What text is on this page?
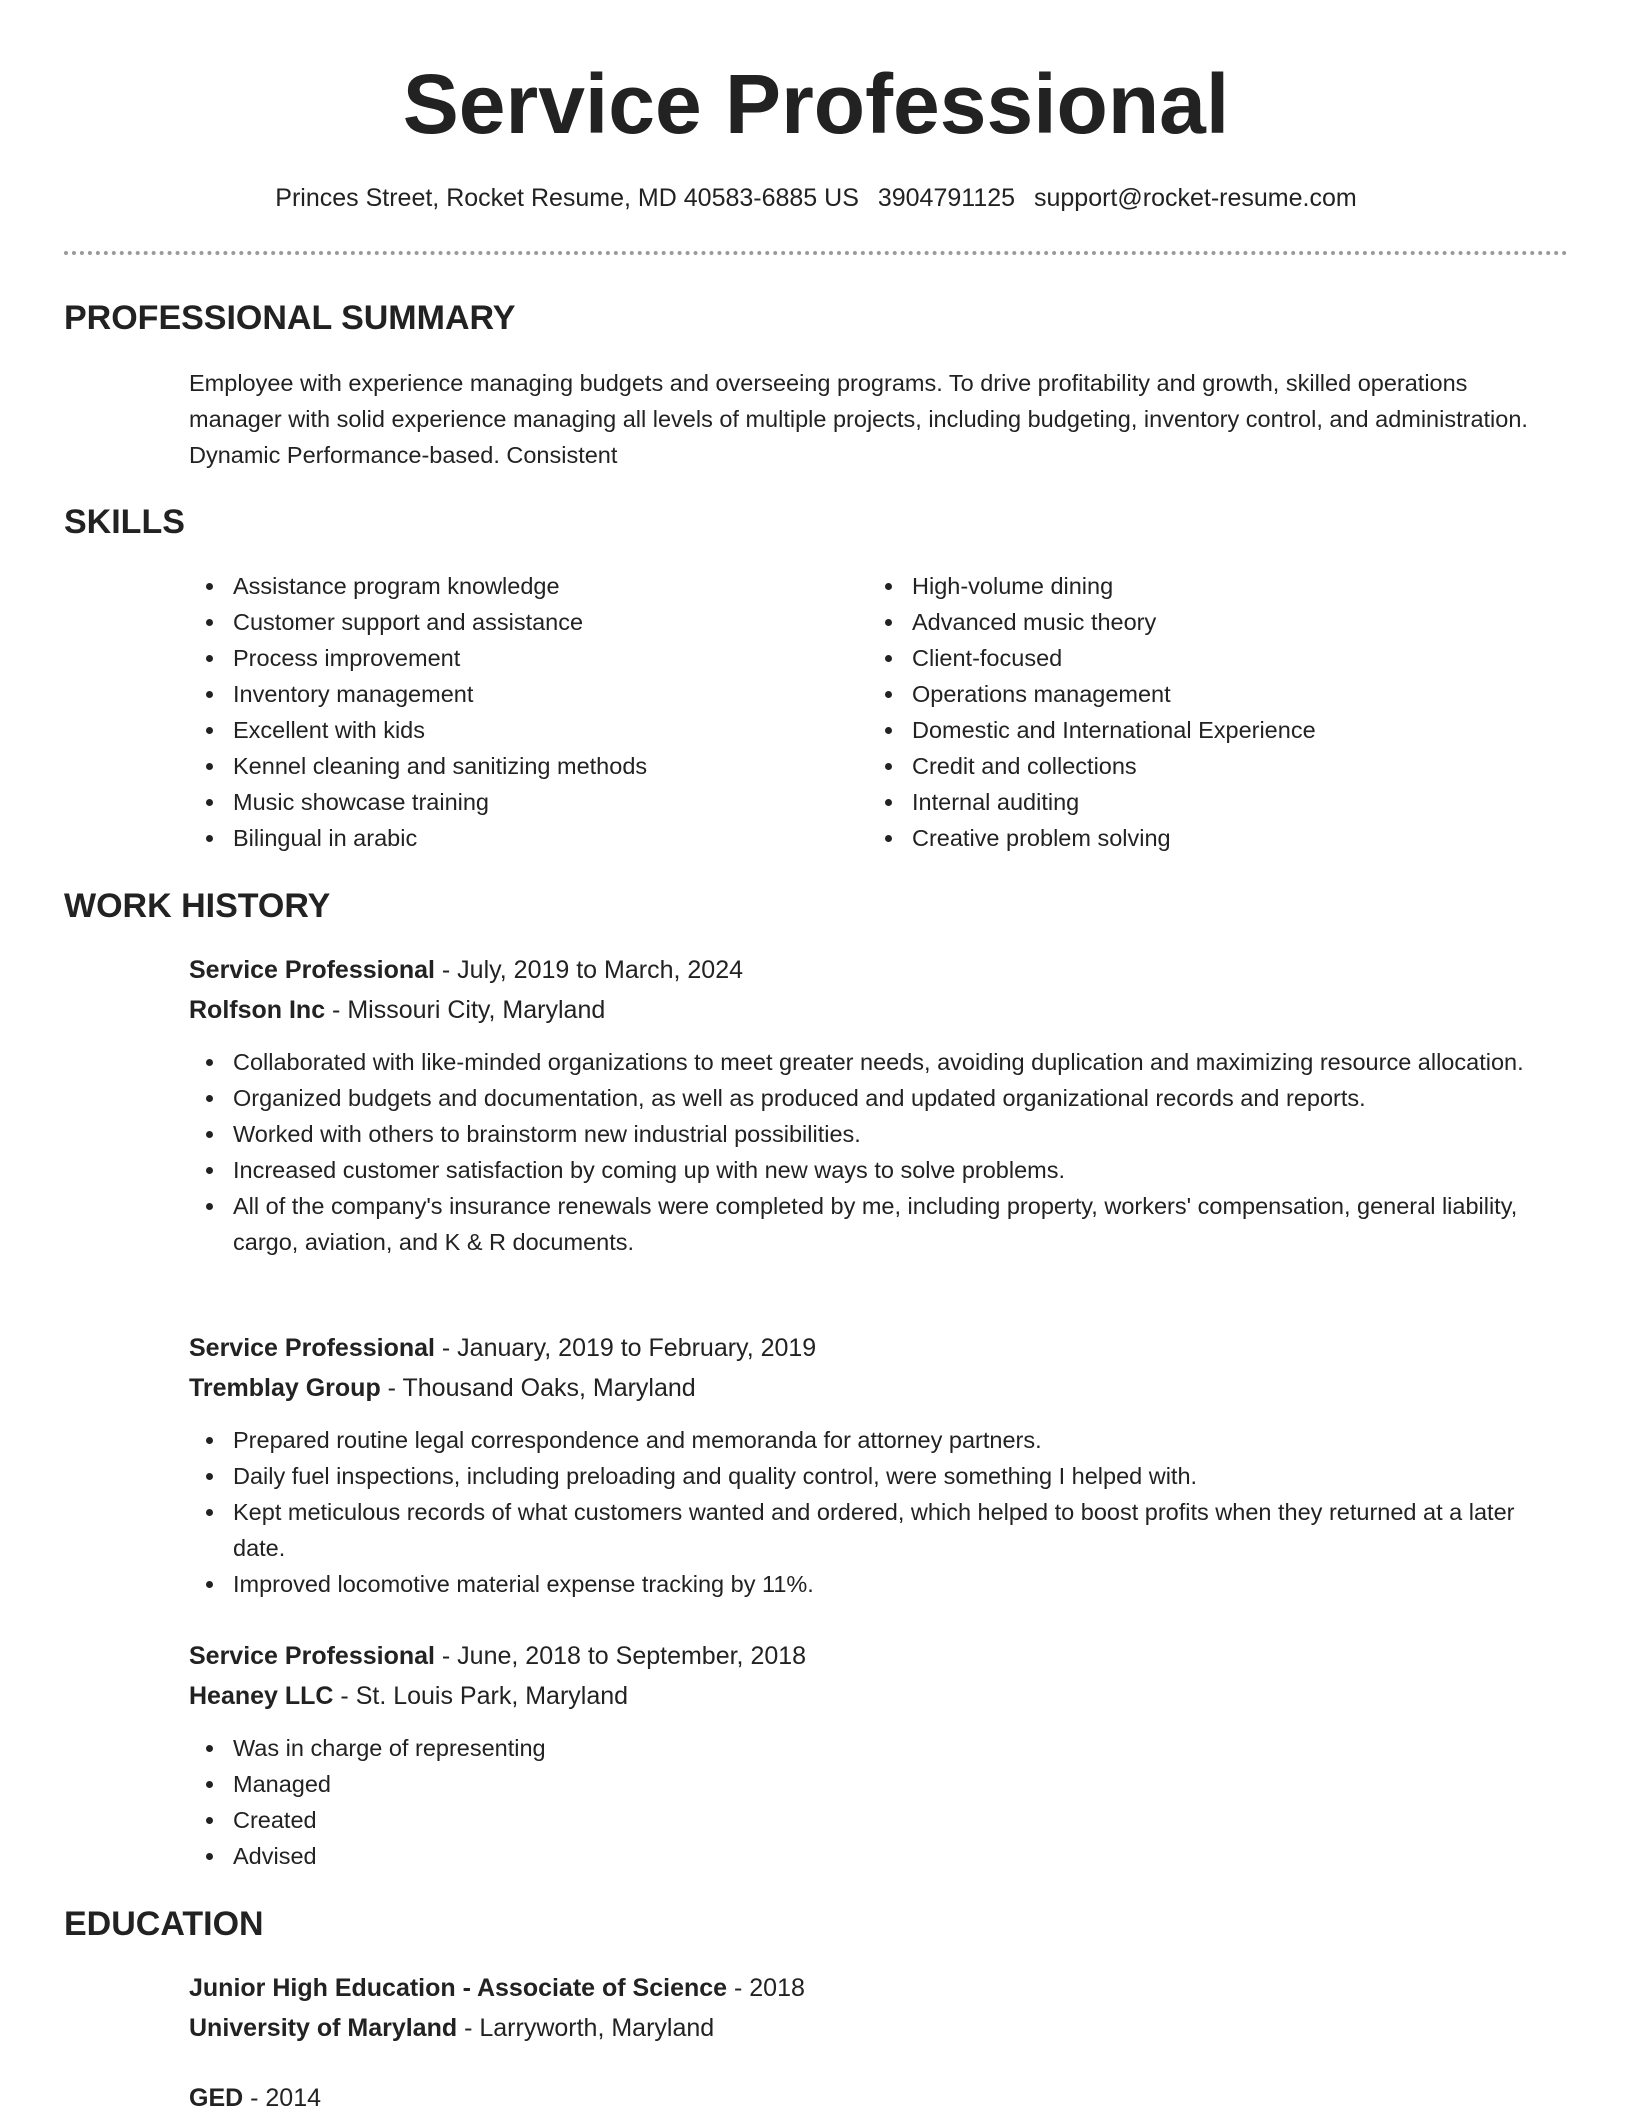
Service Professional
Princes Street, Rocket Resume, MD 40583-6885 US 3904791125 support@rocket-resume.com
PROFESSIONAL SUMMARY
Employee with experience managing budgets and overseeing programs. To drive profitability and growth, skilled operations manager with solid experience managing all levels of multiple projects, including budgeting, inventory control, and administration. Dynamic Performance-based. Consistent
SKILLS
Assistance program knowledge
Customer support and assistance
Process improvement
Inventory management
Excellent with kids
Kennel cleaning and sanitizing methods
Music showcase training
Bilingual in arabic
High-volume dining
Advanced music theory
Client-focused
Operations management
Domestic and International Experience
Credit and collections
Internal auditing
Creative problem solving
WORK HISTORY
Service Professional - July, 2019 to March, 2024
Rolfson Inc - Missouri City, Maryland
Collaborated with like-minded organizations to meet greater needs, avoiding duplication and maximizing resource allocation.
Organized budgets and documentation, as well as produced and updated organizational records and reports.
Worked with others to brainstorm new industrial possibilities.
Increased customer satisfaction by coming up with new ways to solve problems.
All of the company's insurance renewals were completed by me, including property, workers' compensation, general liability, cargo, aviation, and K & R documents.
Service Professional - January, 2019 to February, 2019
Tremblay Group - Thousand Oaks, Maryland
Prepared routine legal correspondence and memoranda for attorney partners.
Daily fuel inspections, including preloading and quality control, were something I helped with.
Kept meticulous records of what customers wanted and ordered, which helped to boost profits when they returned at a later date.
Improved locomotive material expense tracking by 11%.
Service Professional - June, 2018 to September, 2018
Heaney LLC - St. Louis Park, Maryland
Was in charge of representing
Managed
Created
Advised
EDUCATION
Junior High Education - Associate of Science - 2018
University of Maryland - Larryworth, Maryland
GED - 2014
